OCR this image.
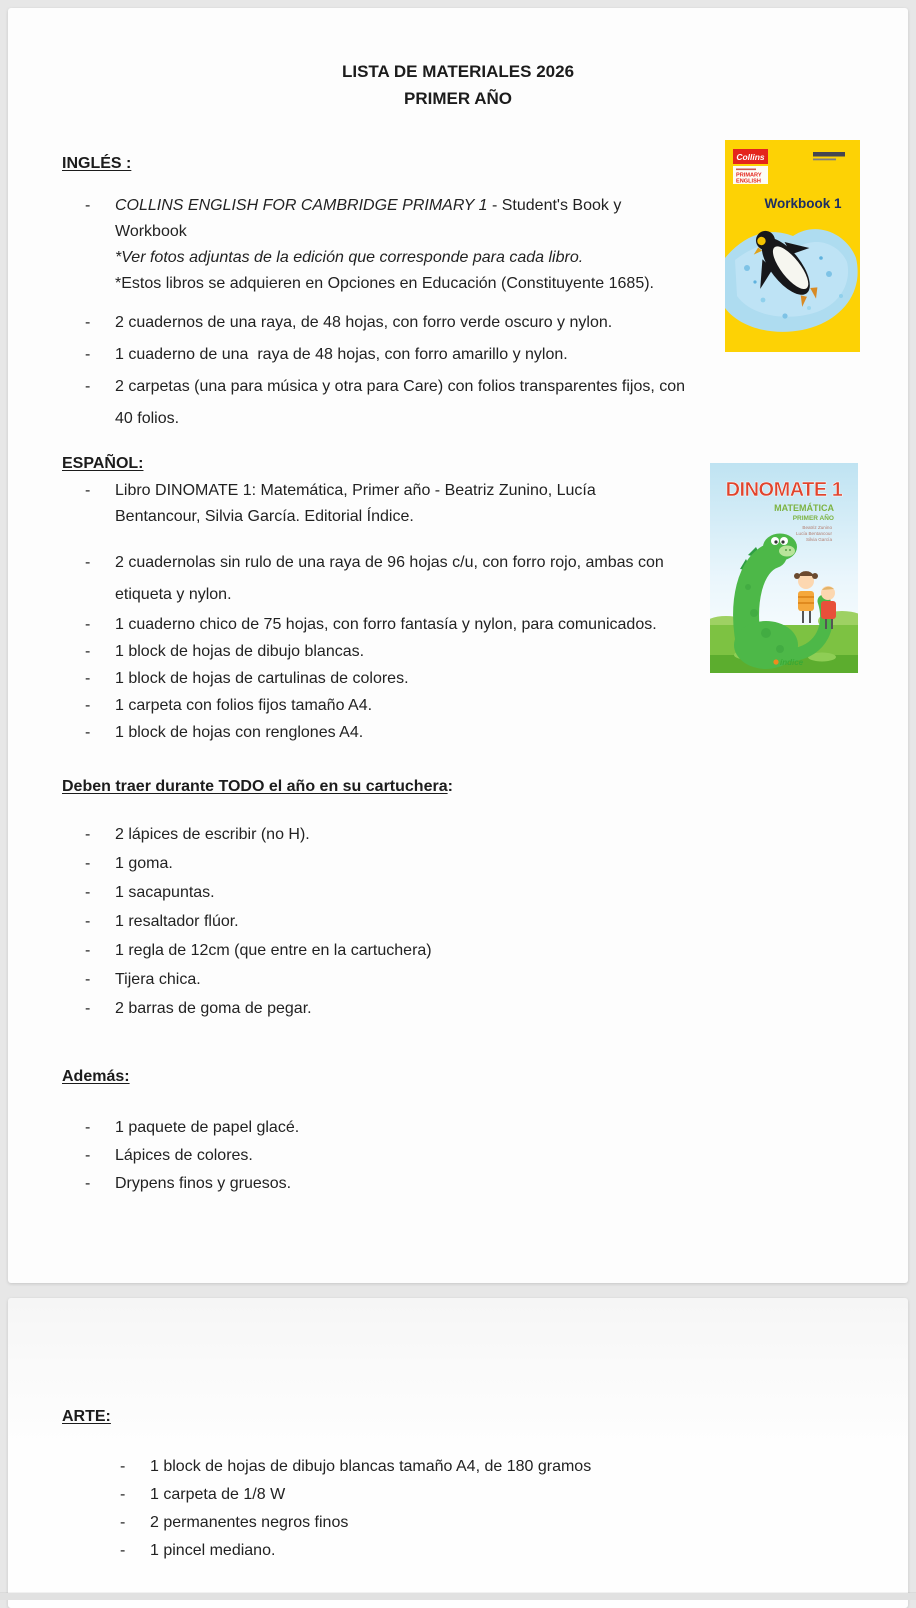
LISTA DE MATERIALES 2026
PRIMER AÑO
INGLÉS :
-	COLLINS ENGLISH FOR CAMBRIDGE PRIMARY 1 - Student's Book y
Workbook
*Ver fotos adjuntas de la edición que corresponde para cada libro.
*Estos libros se adquieren en Opciones en Educación (Constituyente 1685).
-	2 cuadernos de una raya, de 48 hojas, con forro verde oscuro y nylon.
-	1 cuaderno de una  raya de 48 hojas, con forro amarillo y nylon.
-	2 carpetas (una para música y otra para Care) con folios transparentes fijos, con
40 folios.
Collins
PRIMARY
ENGLISH
Workbook 1
ESPAÑOL:
-	Libro DINOMATE 1: Matemática, Primer año - Beatriz Zunino, Lucía
Bentancour, Silvia García. Editorial Índice.
-	2 cuadernolas sin rulo de una raya de 96 hojas c/u, con forro rojo, ambas con
etiqueta y nylon.
-	1 cuaderno chico de 75 hojas, con forro fantasía y nylon, para comunicados.
-	1 block de hojas de dibujo blancas.
-	1 block de hojas de cartulinas de colores.
-	1 carpeta con folios fijos tamaño A4.
-	1 block de hojas con renglones A4.
DINOMATE 1
MATEMÁTICA
PRIMER AÑO
Beatriz Zunino
Lucía Bentancour
Silvia García
índice
Deben traer durante TODO el año en su cartuchera:
-	2 lápices de escribir (no H).
-	1 goma.
-	1 sacapuntas.
-	1 resaltador flúor.
-	1 regla de 12cm (que entre en la cartuchera)
-	Tijera chica.
-	2 barras de goma de pegar.
Además:
-	1 paquete de papel glacé.
-	Lápices de colores.
-	Drypens finos y gruesos.
ARTE:
-	1 block de hojas de dibujo blancas tamaño A4, de 180 gramos
-	1 carpeta de 1/8 W
-	2 permanentes negros finos
-	1 pincel mediano.
